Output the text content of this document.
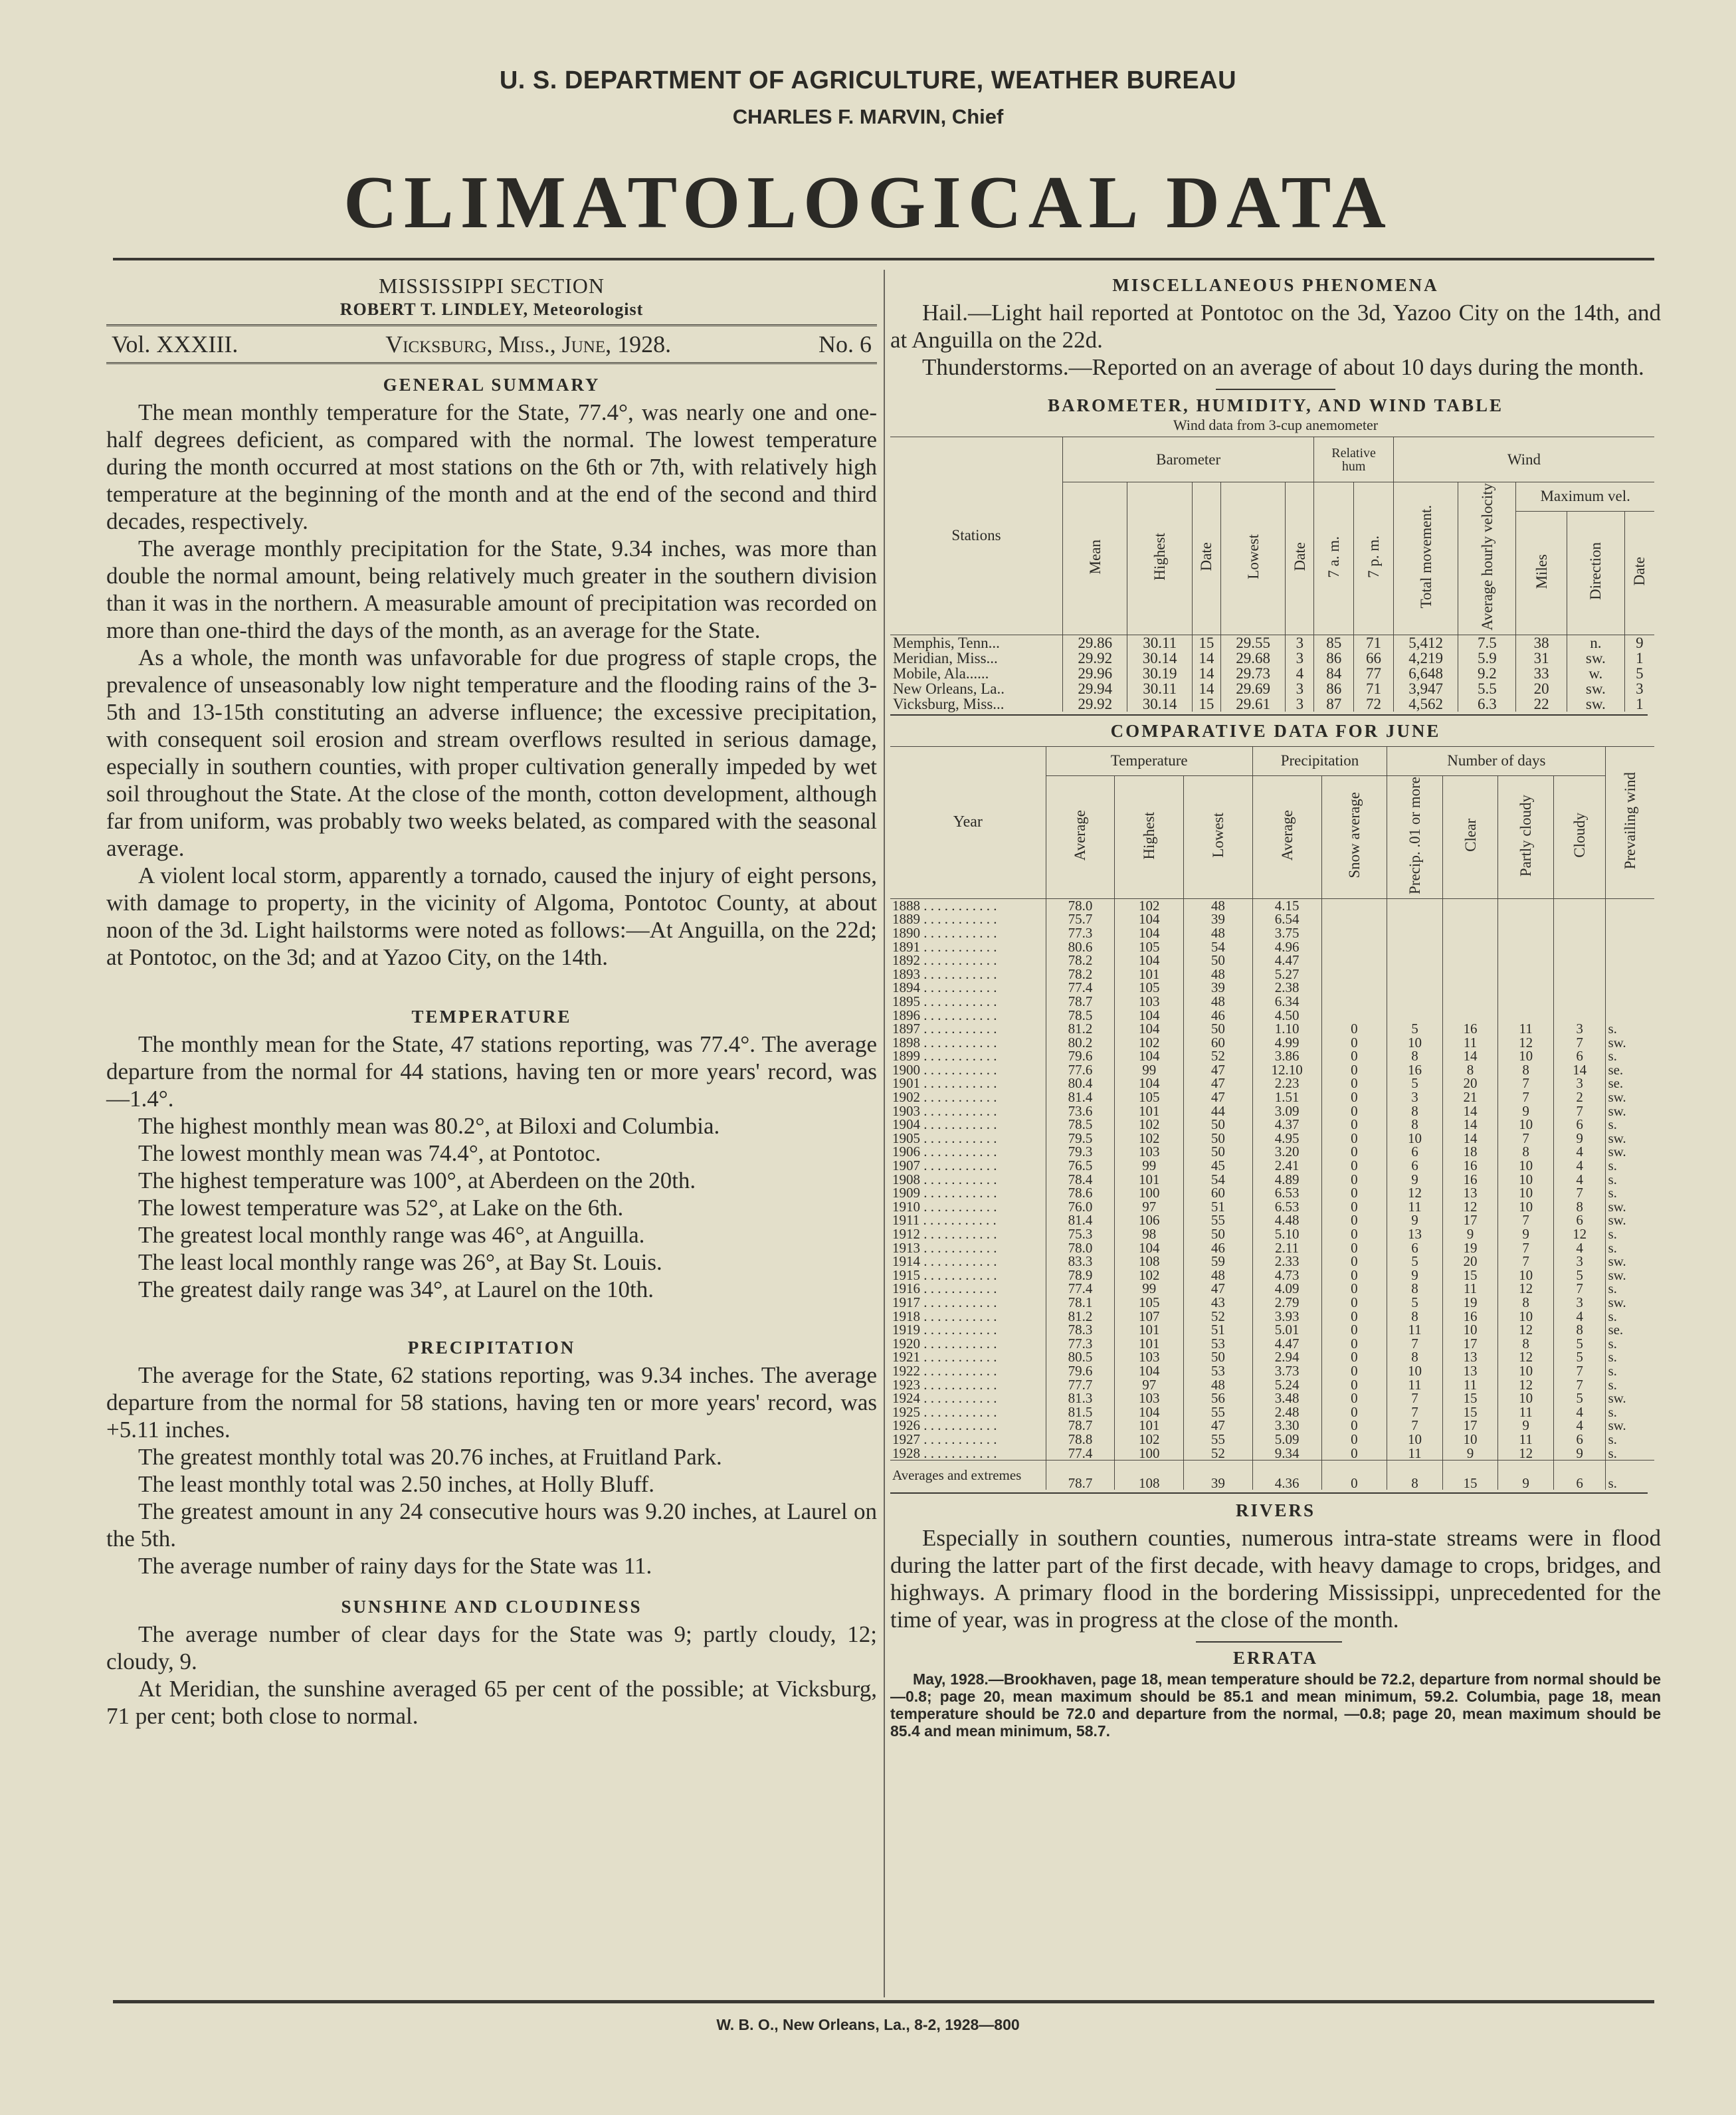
U. S. DEPARTMENT OF AGRICULTURE, WEATHER BUREAU
CHARLES F. MARVIN, Chief
CLIMATOLOGICAL DATA
MISSISSIPPI SECTION
ROBERT T. LINDLEY, Meteorologist
Vol. XXXIII.	Vicksburg, Miss., June, 1928.	No. 6
GENERAL SUMMARY

The mean monthly temperature for the State, 77.4°, was nearly one and one-half degrees deficient, as compared with the normal. The lowest temperature during the month occurred at most stations on the 6th or 7th, with relatively high temperature at the beginning of the month and at the end of the second and third decades, respectively.

The average monthly precipitation for the State, 9.34 inches, was more than double the normal amount, being relatively much greater in the southern division than it was in the northern. A measurable amount of precipitation was recorded on more than one-third the days of the month, as an average for the State.

As a whole, the month was unfavorable for due progress of staple crops, the prevalence of unseasonably low night temperature and the flooding rains of the 3-5th and 13-15th constituting an adverse influence; the excessive precipitation, with consequent soil erosion and stream overflows resulted in serious damage, especially in southern counties, with proper cultivation generally impeded by wet soil throughout the State. At the close of the month, cotton development, although far from uniform, was probably two weeks belated, as compared with the seasonal average.

A violent local storm, apparently a tornado, caused the injury of eight persons, with damage to property, in the vicinity of Algoma, Pontotoc County, at about noon of the 3d. Light hailstorms were noted as follows:—At Anguilla, on the 22d; at Pontotoc, on the 3d; and at Yazoo City, on the 14th.

TEMPERATURE

The monthly mean for the State, 47 stations reporting, was 77.4°. The average departure from the normal for 44 stations, having ten or more years' record, was —1.4°.

The highest monthly mean was 80.2°, at Biloxi and Columbia.

The lowest monthly mean was 74.4°, at Pontotoc.

The highest temperature was 100°, at Aberdeen on the 20th.

The lowest temperature was 52°, at Lake on the 6th.

The greatest local monthly range was 46°, at Anguilla.

The least local monthly range was 26°, at Bay St. Louis.

The greatest daily range was 34°, at Laurel on the 10th.

PRECIPITATION

The average for the State, 62 stations reporting, was 9.34 inches. The average departure from the normal for 58 stations, having ten or more years' record, was +5.11 inches.

The greatest monthly total was 20.76 inches, at Fruitland Park.

The least monthly total was 2.50 inches, at Holly Bluff.

The greatest amount in any 24 consecutive hours was 9.20 inches, at Laurel on the 5th.

The average number of rainy days for the State was 11.

SUNSHINE AND CLOUDINESS

The average number of clear days for the State was 9; partly cloudy, 12; cloudy, 9.

At Meridian, the sunshine averaged 65 per cent of the possible; at Vicksburg, 71 per cent; both close to normal.

MISCELLANEOUS PHENOMENA

Hail.—Light hail reported at Pontotoc on the 3d, Yazoo City on the 14th, and at Anguilla on the 22d.

Thunderstorms.—Reported on an average of about 10 days during the month.

BAROMETER, HUMIDITY, AND WIND TABLE
Wind data from 3-cup anemometer
Stations	Barometer					Relative hum		Wind				
	Mean	Highest	Date	Lowest	Date	7 a. m.	7 p. m.	Total movement.	Average hourly velocity	Maximum vel.		
										Miles	Direction	Date
Memphis, Tenn...	29.86	30.11	15	29.55	3	85	71	5,412	7.5	38	n.	9
Meridian, Miss...	29.92	30.14	14	29.68	3	86	66	4,219	5.9	31	sw.	1
Mobile, Ala......	29.96	30.19	14	29.73	4	84	77	6,648	9.2	33	w.	5
New Orleans, La..	29.94	30.11	14	29.69	3	86	71	3,947	5.5	20	sw.	3
Vicksburg, Miss...	29.92	30.14	15	29.61	3	87	72	4,562	6.3	22	sw.	1
COMPARATIVE DATA FOR JUNE
Year	Temperature			Precipitation		Number of days				Prevailing wind
	Average	Highest	Lowest	Average	Snow average	Precip. .01 or more	Clear	Partly cloudy	Cloudy	
1888 . . . . . . . . . . .	78.0	102	48	4.15						
1889 . . . . . . . . . . .	75.7	104	39	6.54						
1890 . . . . . . . . . . .	77.3	104	48	3.75						
1891 . . . . . . . . . . .	80.6	105	54	4.96						
1892 . . . . . . . . . . .	78.2	104	50	4.47						
1893 . . . . . . . . . . .	78.2	101	48	5.27						
1894 . . . . . . . . . . .	77.4	105	39	2.38						
1895 . . . . . . . . . . .	78.7	103	48	6.34						
1896 . . . . . . . . . . .	78.5	104	46	4.50						
1897 . . . . . . . . . . .	81.2	104	50	1.10	0	5	16	11	3	s.
1898 . . . . . . . . . . .	80.2	102	60	4.99	0	10	11	12	7	sw.
1899 . . . . . . . . . . .	79.6	104	52	3.86	0	8	14	10	6	s.
1900 . . . . . . . . . . .	77.6	99	47	12.10	0	16	8	8	14	se.
1901 . . . . . . . . . . .	80.4	104	47	2.23	0	5	20	7	3	se.
1902 . . . . . . . . . . .	81.4	105	47	1.51	0	3	21	7	2	sw.
1903 . . . . . . . . . . .	73.6	101	44	3.09	0	8	14	9	7	sw.
1904 . . . . . . . . . . .	78.5	102	50	4.37	0	8	14	10	6	s.
1905 . . . . . . . . . . .	79.5	102	50	4.95	0	10	14	7	9	sw.
1906 . . . . . . . . . . .	79.3	103	50	3.20	0	6	18	8	4	sw.
1907 . . . . . . . . . . .	76.5	99	45	2.41	0	6	16	10	4	s.
1908 . . . . . . . . . . .	78.4	101	54	4.89	0	9	16	10	4	s.
1909 . . . . . . . . . . .	78.6	100	60	6.53	0	12	13	10	7	s.
1910 . . . . . . . . . . .	76.0	97	51	6.53	0	11	12	10	8	sw.
1911 . . . . . . . . . . .	81.4	106	55	4.48	0	9	17	7	6	sw.
1912 . . . . . . . . . . .	75.3	98	50	5.10	0	13	9	9	12	s.
1913 . . . . . . . . . . .	78.0	104	46	2.11	0	6	19	7	4	s.
1914 . . . . . . . . . . .	83.3	108	59	2.33	0	5	20	7	3	sw.
1915 . . . . . . . . . . .	78.9	102	48	4.73	0	9	15	10	5	sw.
1916 . . . . . . . . . . .	77.4	99	47	4.09	0	8	11	12	7	s.
1917 . . . . . . . . . . .	78.1	105	43	2.79	0	5	19	8	3	sw.
1918 . . . . . . . . . . .	81.2	107	52	3.93	0	8	16	10	4	s.
1919 . . . . . . . . . . .	78.3	101	51	5.01	0	11	10	12	8	se.
1920 . . . . . . . . . . .	77.3	101	53	4.47	0	7	17	8	5	s.
1921 . . . . . . . . . . .	80.5	103	50	2.94	0	8	13	12	5	s.
1922 . . . . . . . . . . .	79.6	104	53	3.73	0	10	13	10	7	s.
1923 . . . . . . . . . . .	77.7	97	48	5.24	0	11	11	12	7	s.
1924 . . . . . . . . . . .	81.3	103	56	3.48	0	7	15	10	5	sw.
1925 . . . . . . . . . . .	81.5	104	55	2.48	0	7	15	11	4	s.
1926 . . . . . . . . . . .	78.7	101	47	3.30	0	7	17	9	4	sw.
1927 . . . . . . . . . . .	78.8	102	55	5.09	0	10	10	11	6	s.
1928 . . . . . . . . . . .	77.4	100	52	9.34	0	11	9	12	9	s.
Averages and extremes	78.7	108	39	4.36	0	8	15	9	6	s.
RIVERS

Especially in southern counties, numerous intra-state streams were in flood during the latter part of the first decade, with heavy damage to crops, bridges, and highways. A primary flood in the bordering Mississippi, unprecedented for the time of year, was in progress at the close of the month.

ERRATA

May, 1928.—Brookhaven, page 18, mean temperature should be 72.2, departure from normal should be —0.8; page 20, mean maximum should be 85.1 and mean minimum, 59.2. Columbia, page 18, mean temperature should be 72.0 and departure from the normal, —0.8; page 20, mean maximum should be 85.4 and mean minimum, 58.7.

W. B. O., New Orleans, La., 8-2, 1928—800
